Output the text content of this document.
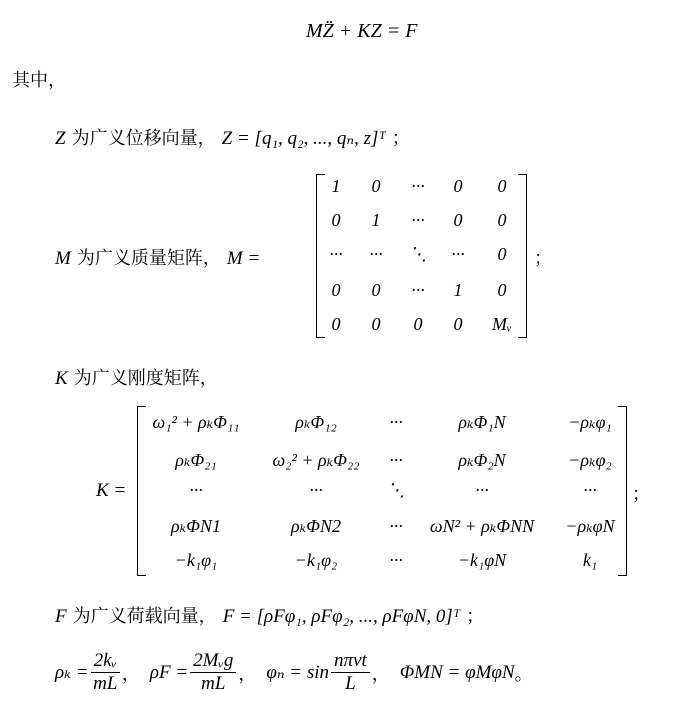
MZ̈ + KZ = F
其中，
Z 为广义位移向量， Z = [q₁, q₂, ..., qₙ, z]ᵀ ；
M 为广义质量矩阵， M =
1	0	···	0	0
0	1	···	0	0
···	···	⋱	···	0
0	0	···	1	0
0	0	0	0	Mᵥ
；
K 为广义刚度矩阵，
K =
ω₁² + ρₖΦ₁₁	ρₖΦ₁₂	···	ρₖΦ₁N	−ρₖφ₁
ρₖΦ₂₁	ω₂² + ρₖΦ₂₂	···	ρₖΦ₂N	−ρₖφ₂
···	···	⋱	···	···
ρₖΦN1	ρₖΦN2	···	ωN² + ρₖΦNN	−ρₖφN
−k₁φ₁	−k₁φ₂	···	−k₁φN	k₁
；
F 为广义荷载向量， F = [ρFφ₁, ρFφ₂, ..., ρFφN, 0]ᵀ ；
$\rho_k = \frac{\text{2kᵥ}}{mL}$ ， $\rho F = \frac{\text{2Mᵥg}}{mL}$ ， $\varphi_n = \sin \frac{\text{nπvt}}{L}$ ， ΦMN = φMφN 。
